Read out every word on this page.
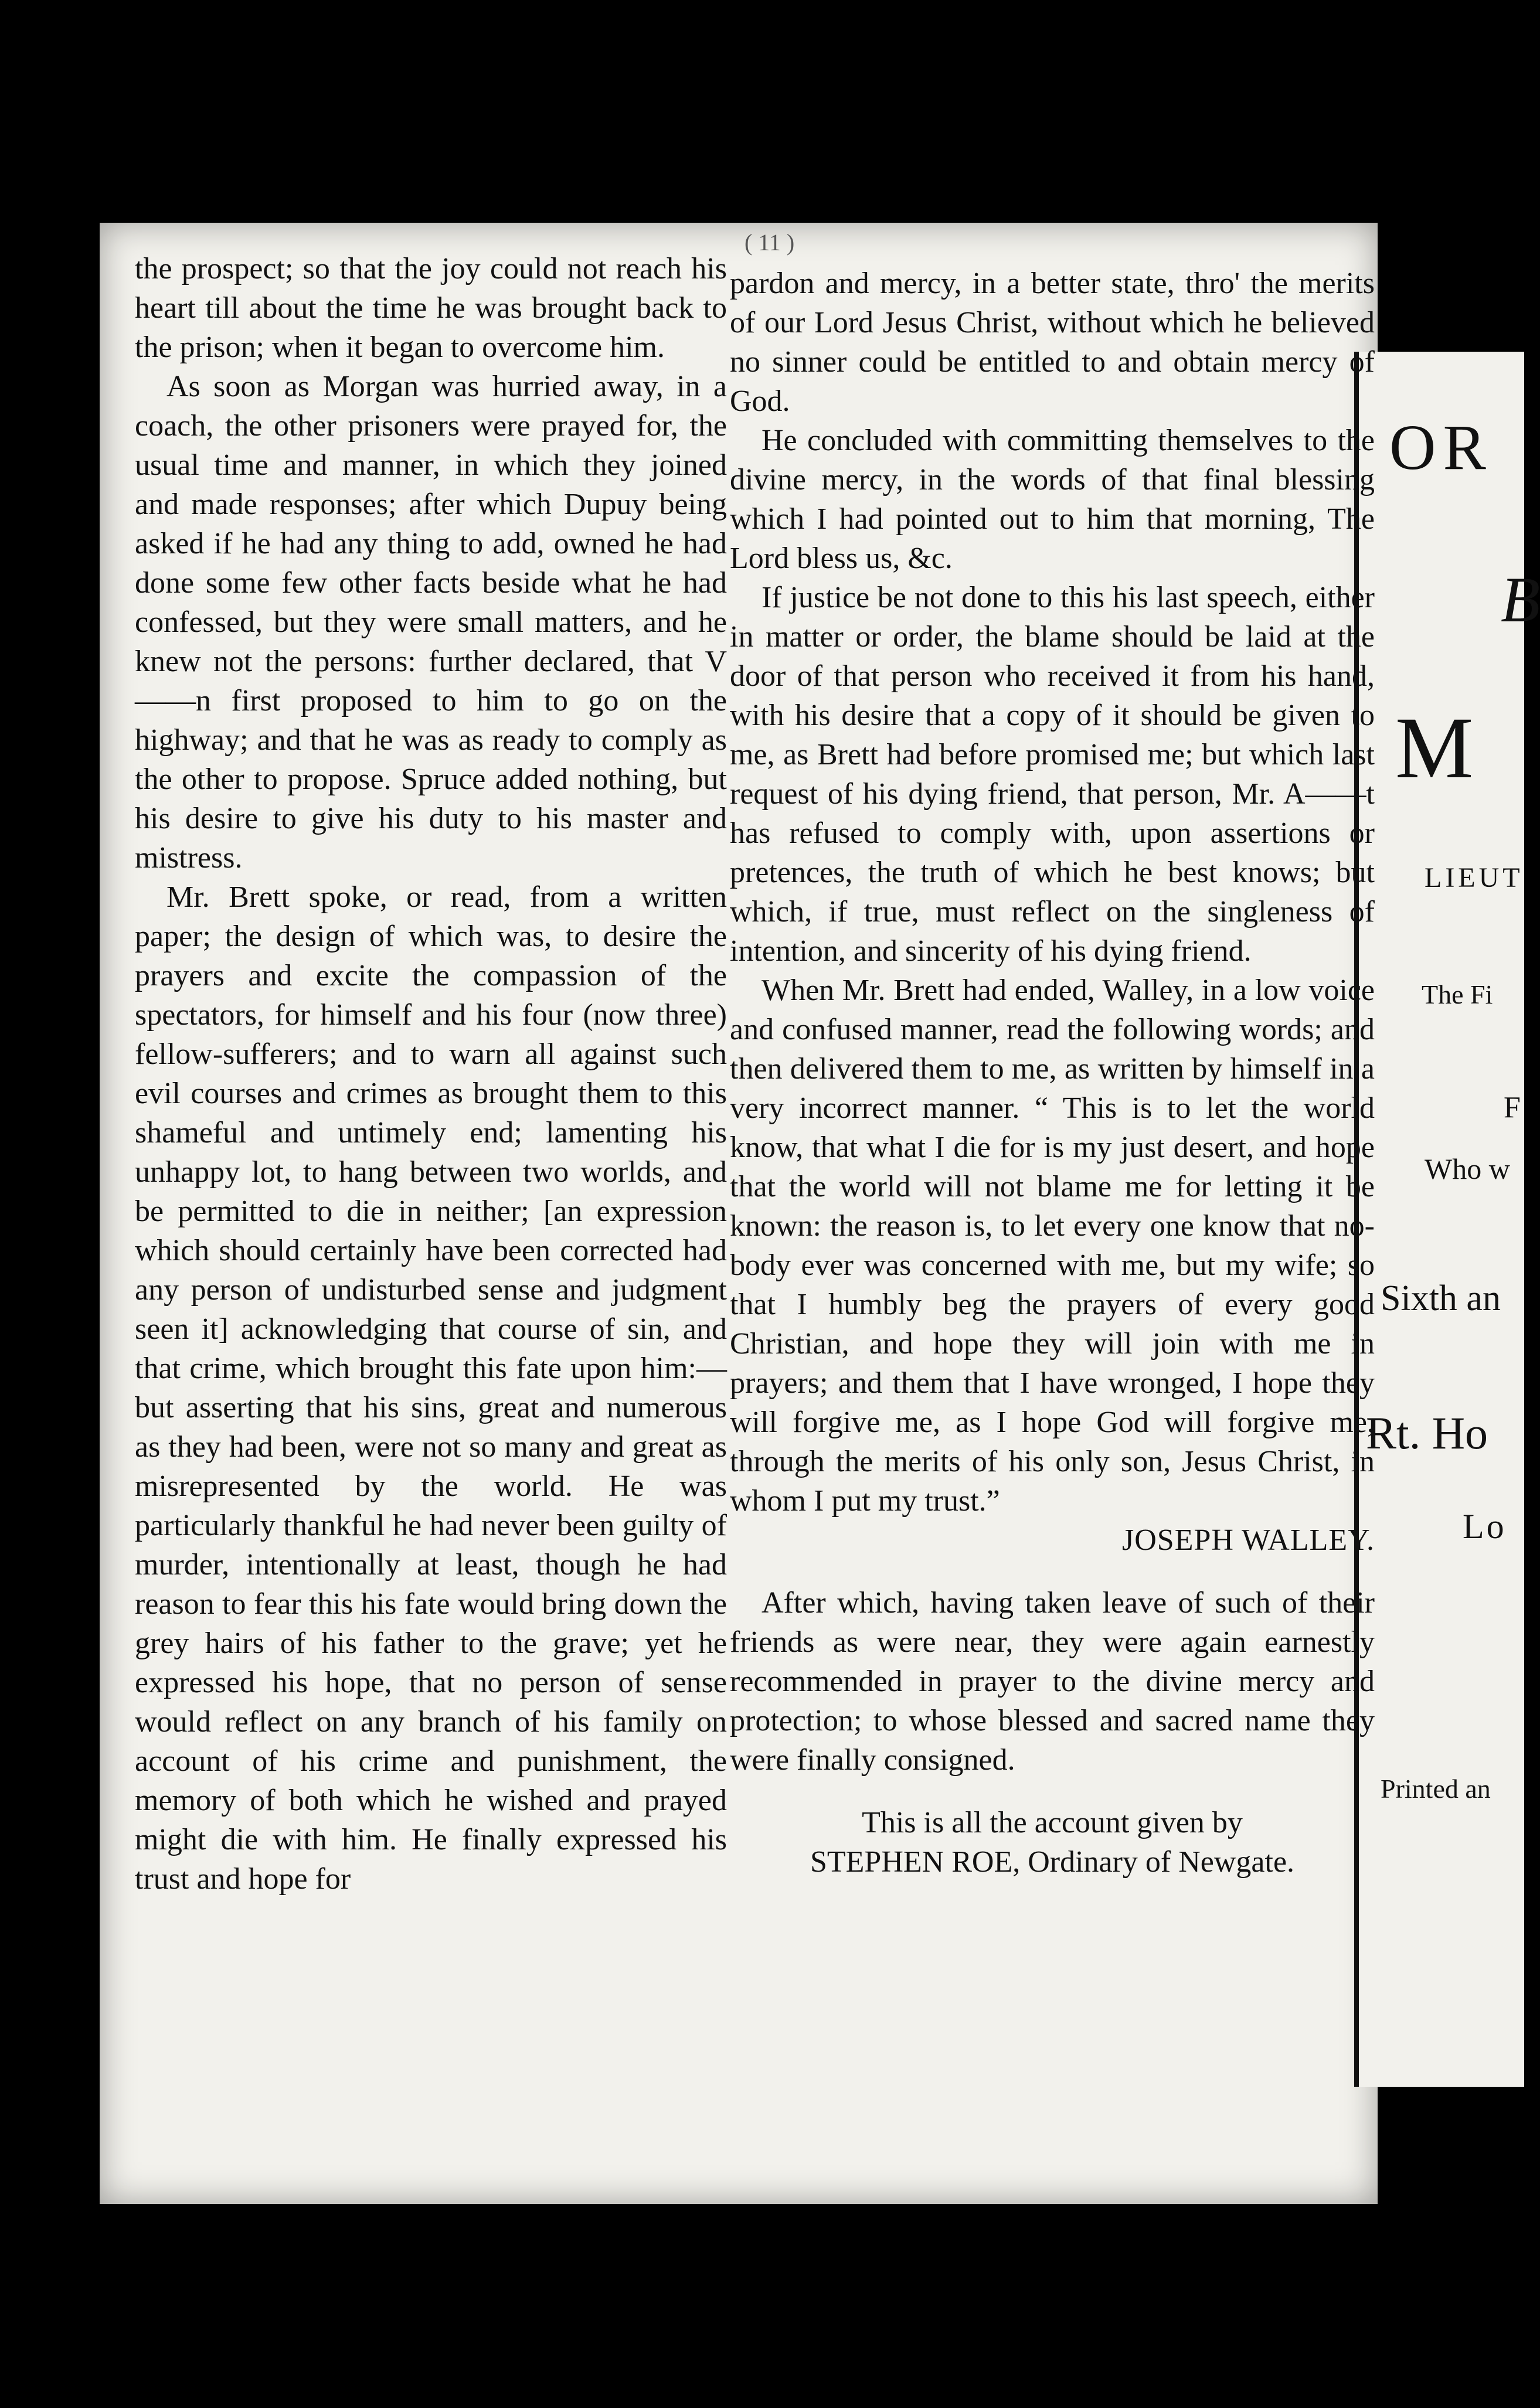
( 11 )

the prospect; so that the joy could not reach his heart till about the time he was brought back to the prison; when it began to overcome him.

As soon as Morgan was hurried away, in a coach, the other prisoners were prayed for, the usual time and manner, in which they joined and made responses; after which Dupuy being asked if he had any thing to add, owned he had done some few other facts beside what he had confessed, but they were small matters, and he knew not the persons: further declared, that V——n first proposed to him to go on the highway; and that he was as ready to comply as the other to propose. Spruce added nothing, but his desire to give his duty to his master and mistress.

Mr. Brett spoke, or read, from a written paper; the design of which was, to desire the prayers and excite the compassion of the spectators, for himself and his four (now three) fellow-sufferers; and to warn all against such evil courses and crimes as brought them to this shameful and untimely end; lamenting his unhappy lot, to hang between two worlds, and be permitted to die in neither; [an expression which should certainly have been corrected had any person of undisturbed sense and judgment seen it] acknowledging that course of sin, and that crime, which brought this fate upon him:—but asserting that his sins, great and numerous as they had been, were not so many and great as misrepresented by the world. He was particularly thankful he had never been guilty of murder, intentionally at least, though he had reason to fear this his fate would bring down the grey hairs of his father to the grave; yet he expressed his hope, that no person of sense would reflect on any branch of his family on account of his crime and punishment, the memory of both which he wished and prayed might die with him. He finally expressed his trust and hope for

pardon and mercy, in a better state, thro' the merits of our Lord Jesus Christ, without which he believed no sinner could be entitled to and obtain mercy of God.

He concluded with committing themselves to the divine mercy, in the words of that final blessing which I had pointed out to him that morning, The Lord bless us, &c.

If justice be not done to this his last speech, either in matter or order, the blame should be laid at the door of that person who received it from his hand, with his desire that a copy of it should be given to me, as Brett had before promised me; but which last request of his dying friend, that person, Mr. A——t has refused to comply with, upon assertions or pretences, the truth of which he best knows; but which, if true, must reflect on the singleness of intention, and sincerity of his dying friend.

When Mr. Brett had ended, Walley, in a low voice and confused manner, read the following words; and then delivered them to me, as written by himself in a very incorrect manner. “ This is to let the world know, that what I die for is my just desert, and hope that the world will not blame me for letting it be known: the reason is, to let every one know that no-body ever was concerned with me, but my wife; so that I humbly beg the prayers of every good Christian, and hope they will join with me in prayers; and them that I have wronged, I hope they will forgive me, as I hope God will forgive me, through the merits of his only son, Jesus Christ, in whom I put my trust.”

JOSEPH WALLEY.

After which, having taken leave of such of their friends as were near, they were again earnestly recommended in prayer to the divine mercy and protection; to whose blessed and sacred name they were finally consigned.

This is all the account given by

STEPHEN ROE, Ordinary of Newgate.

OR
B
M
LIEUT
The Fi
F
Who w
Sixth an
Rt. Ho
Lo
Printed an
